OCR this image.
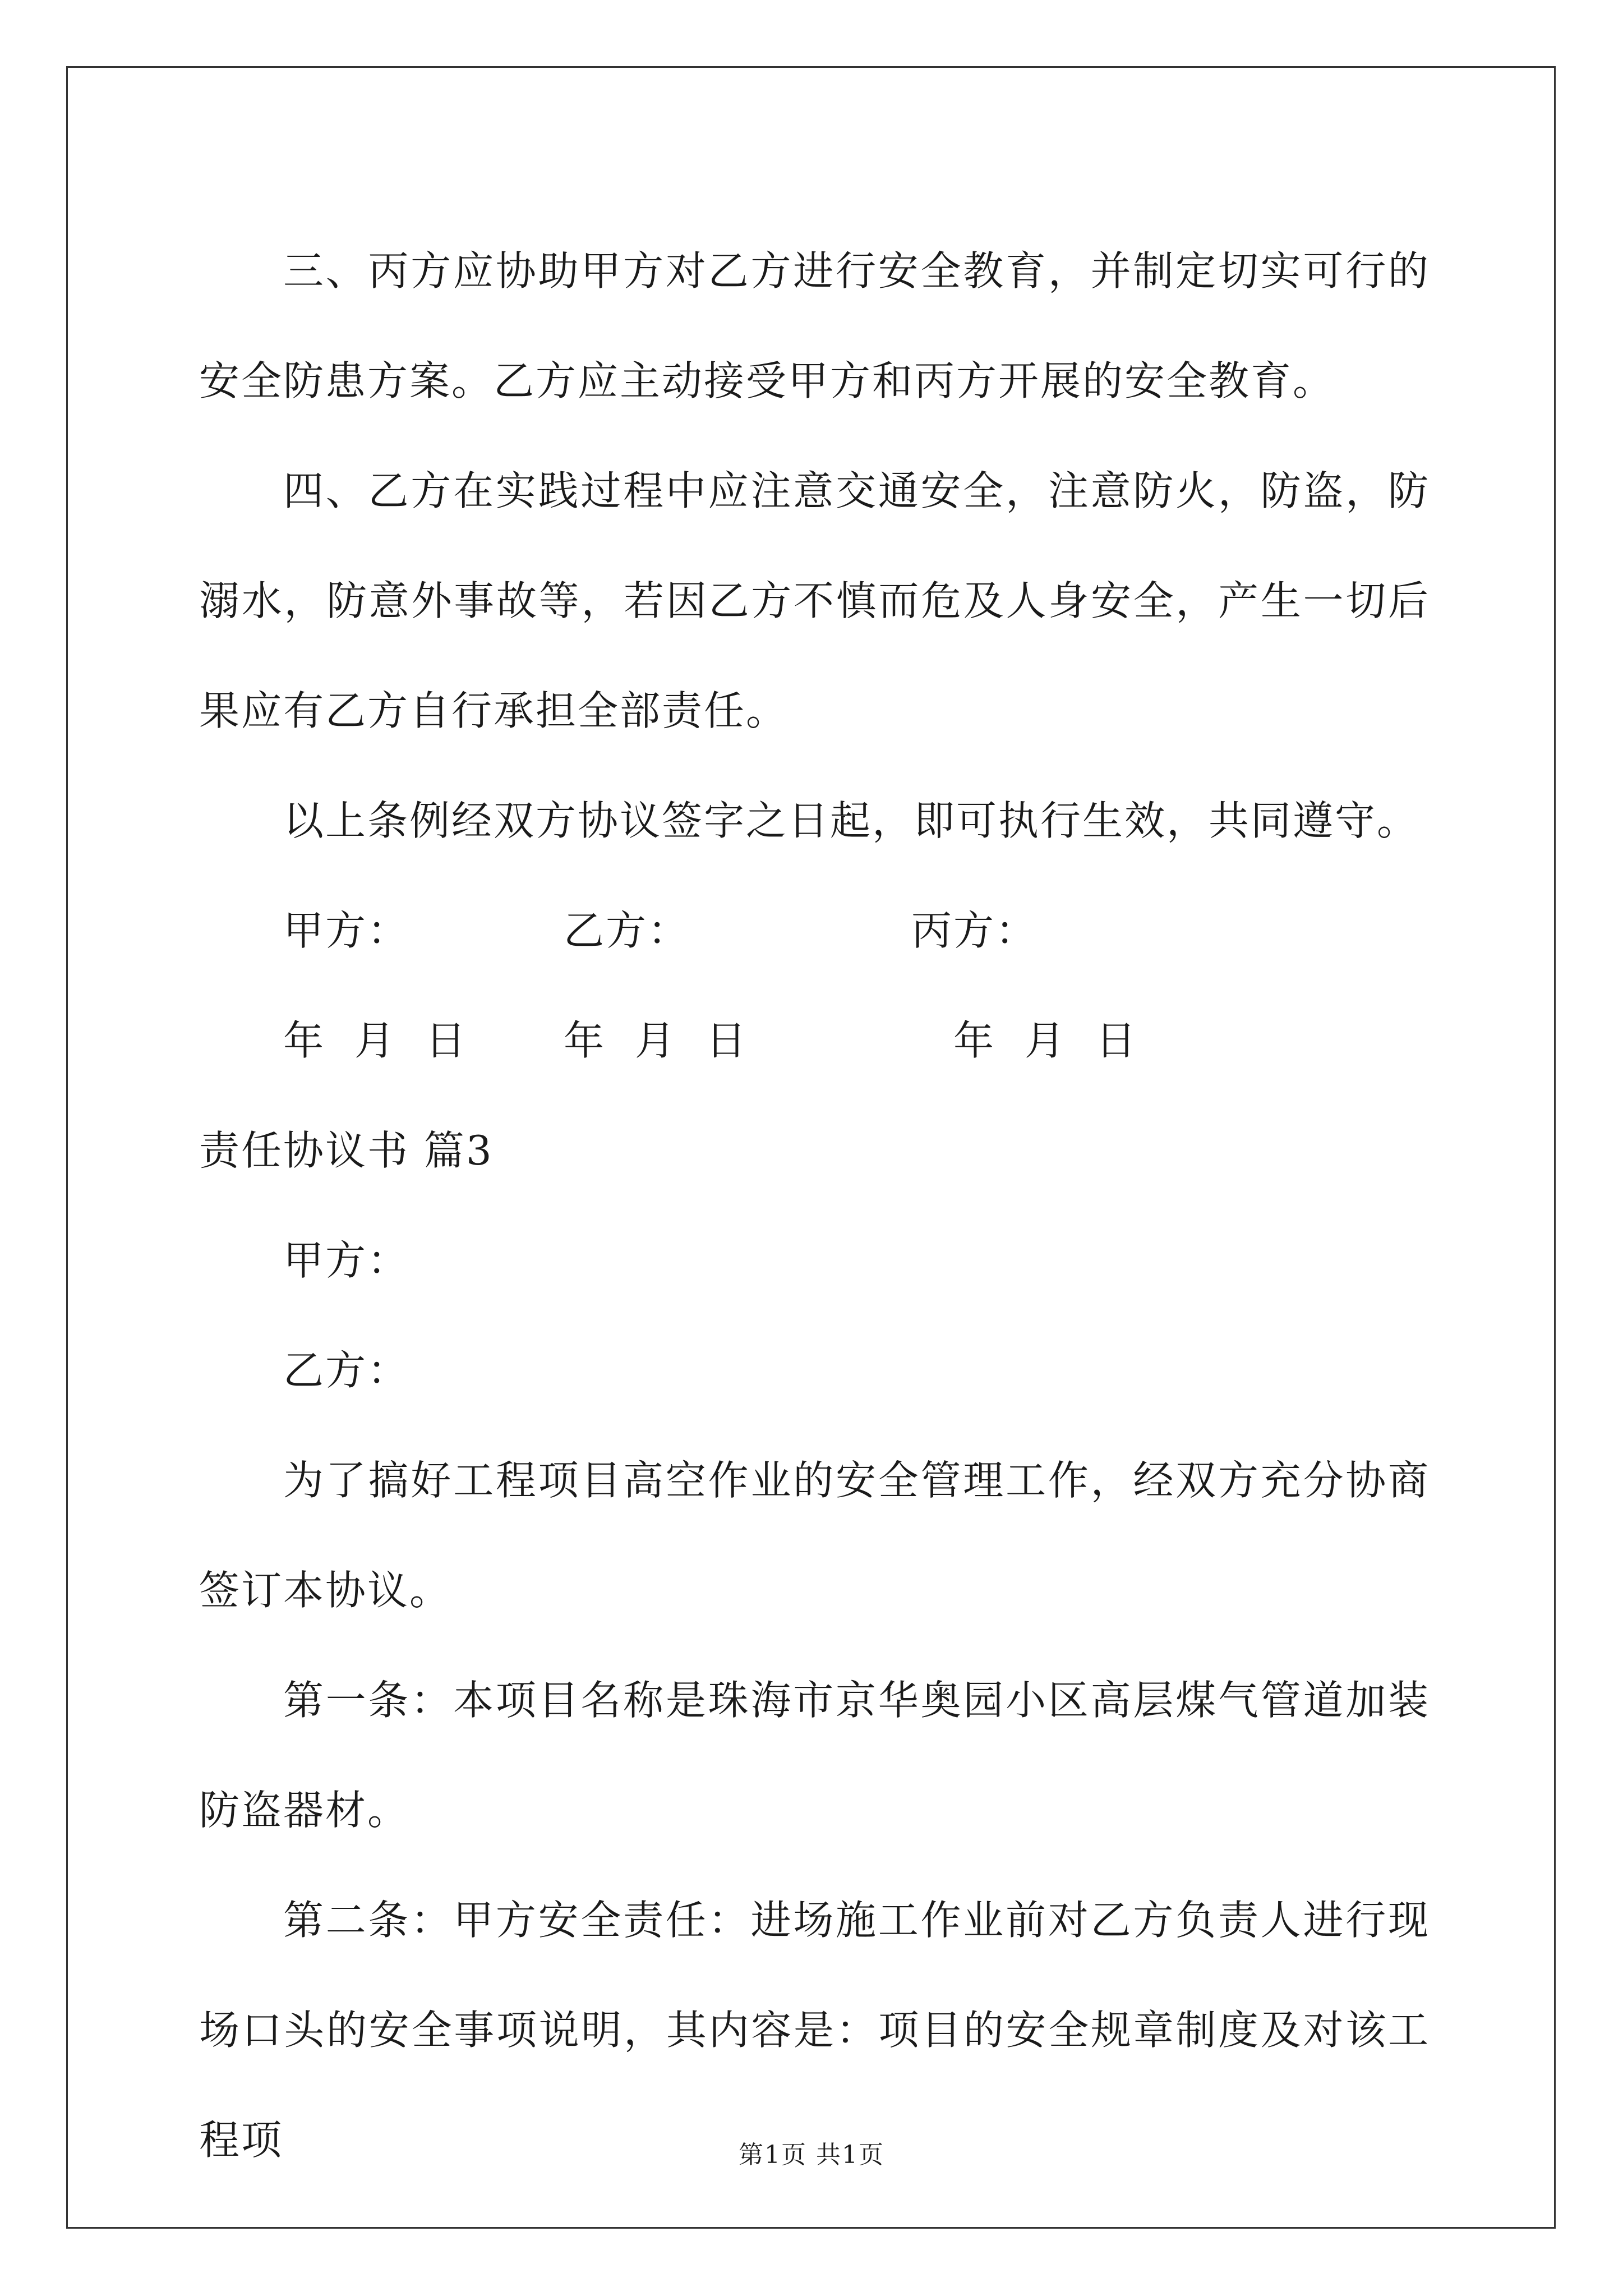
三、丙方应协助甲方对乙方进行安全教育，并制定切实可行的 安全防患方案。乙方应主动接受甲方和丙方开展的安全教育。

四、乙方在实践过程中应注意交通安全，注意防火，防盗，防溺水，防意外事故等，若因乙方不慎而危及人身安全，产生一切后果应有乙方自行承担全部责任。

以上条例经双方协议签字之日起，即可执行生效，共同遵守。

甲方：	乙方：	丙方：
年  月  日 年  月  日	年  月  日

责任协议书 篇3

甲方：

乙方：

为了搞好工程项目高空作业的安全管理工作，经双方充分协商签订本协议。

第一条：本项目名称是珠海市京华奥园小区高层煤气管道加装防盗器材。

第二条：甲方安全责任：进场施工作业前对乙方负责人进行现场口头的安全事项说明，其内容是：项目的安全规章制度及对该工程项	第1页 共1页
